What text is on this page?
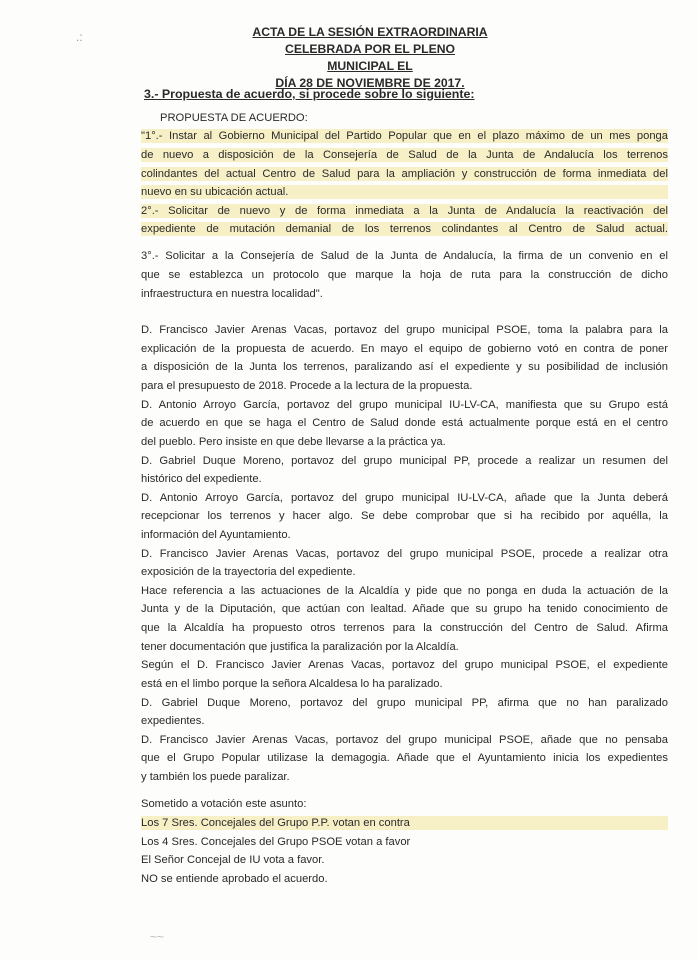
.:
~~
ACTA DE LA SESIÓN EXTRAORDINARIA
CELEBRADA POR EL PLENO MUNICIPAL EL
DÍA 28 DE NOVIEMBRE DE 2017.
3.- Propuesta de acuerdo, si procede sobre lo siguiente:
PROPUESTA DE ACUERDO:
"1°.- Instar al Gobierno Municipal del Partido Popular que en el plazo máximo de un mes ponga
de nuevo a disposición de la Consejería de Salud de la Junta de Andalucía los terrenos
colindantes del actual Centro de Salud para la ampliación y construcción de forma inmediata del
nuevo en su ubicación actual.
2°.- Solicitar de nuevo y de forma inmediata a la Junta de Andalucía la reactivación del
expediente de mutación demanial de los terrenos colindantes al Centro de Salud actual.
3°.- Solicitar a la Consejería de Salud de la Junta de Andalucía, la firma de un convenio en el
que se establezca un protocolo que marque la hoja de ruta para la construcción de dicho
infraestructura en nuestra localidad".
D. Francisco Javier Arenas Vacas, portavoz del grupo municipal PSOE, toma la palabra para la
explicación de la propuesta de acuerdo. En mayo el equipo de gobierno votó en contra de poner
a disposición de la Junta los terrenos, paralizando así el expediente y su posibilidad de inclusión
para el presupuesto de 2018. Procede a la lectura de la propuesta.
D. Antonio Arroyo García, portavoz del grupo municipal IU-LV-CA, manifiesta que su Grupo está
de acuerdo en que se haga el Centro de Salud donde está actualmente porque está en el centro
del pueblo. Pero insiste en que debe llevarse a la práctica ya.
D. Gabriel Duque Moreno, portavoz del grupo municipal PP, procede a realizar un resumen del
histórico del expediente.
D. Antonio Arroyo García, portavoz del grupo municipal IU-LV-CA, añade que la Junta deberá
recepcionar los terrenos y hacer algo. Se debe comprobar que si ha recibido por aquélla, la
información del Ayuntamiento.
D. Francisco Javier Arenas Vacas, portavoz del grupo municipal PSOE, procede a realizar otra
exposición de la trayectoria del expediente.
Hace referencia a las actuaciones de la Alcaldía y pide que no ponga en duda la actuación de la
Junta y de la Diputación, que actúan con lealtad. Añade que su grupo ha tenido conocimiento de
que la Alcaldía ha propuesto otros terrenos para la construcción del Centro de Salud. Afirma
tener documentación que justifica la paralización por la Alcaldía.
Según el D. Francisco Javier Arenas Vacas, portavoz del grupo municipal PSOE, el expediente
está en el limbo porque la señora Alcaldesa lo ha paralizado.
D. Gabriel Duque Moreno, portavoz del grupo municipal PP, afirma que no han paralizado
expedientes.
D. Francisco Javier Arenas Vacas, portavoz del grupo municipal PSOE, añade que no pensaba
que el Grupo Popular utilizase la demagogia. Añade que el Ayuntamiento inicia los expedientes
y también los puede paralizar.
Sometido a votación este asunto:
Los 7 Sres. Concejales del Grupo P.P. votan en contra
Los 4 Sres. Concejales del Grupo PSOE votan a favor
El Señor Concejal de IU vota a favor.
NO se entiende aprobado el acuerdo.
